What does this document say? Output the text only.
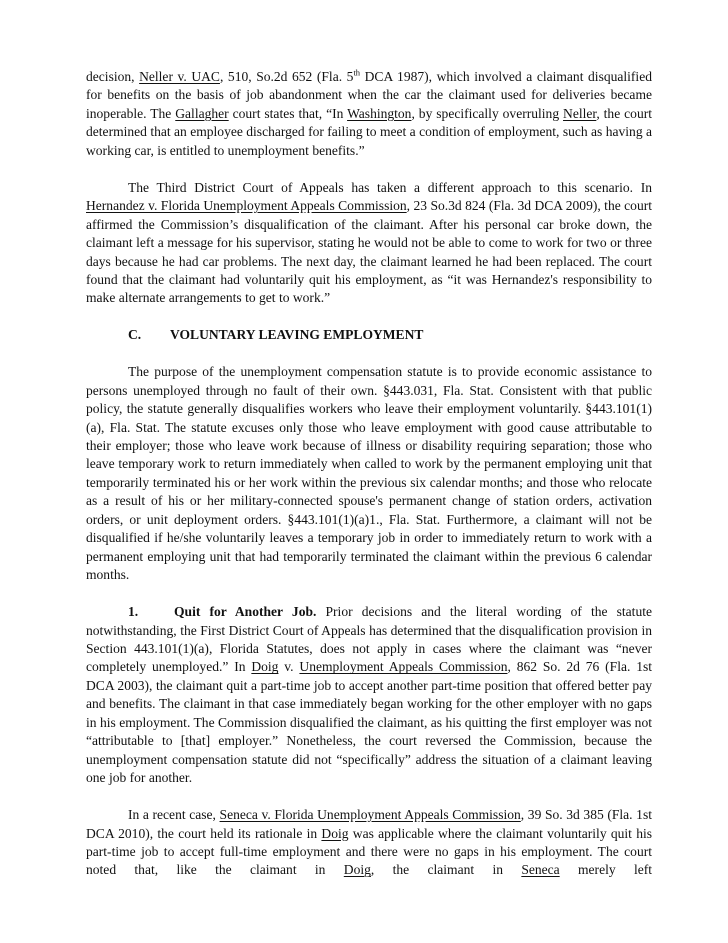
decision, Neller v. UAC, 510, So.2d 652 (Fla. 5th DCA 1987), which involved a claimant disqualified for benefits on the basis of job abandonment when the car the claimant used for deliveries became inoperable. The Gallagher court states that, “In Washington, by specifically overruling Neller, the court determined that an employee discharged for failing to meet a condition of employment, such as having a working car, is entitled to unemployment benefits.”

The Third District Court of Appeals has taken a different approach to this scenario. In Hernandez v. Florida Unemployment Appeals Commission, 23 So.3d 824 (Fla. 3d DCA 2009), the court affirmed the Commission’s disqualification of the claimant. After his personal car broke down, the claimant left a message for his supervisor, stating he would not be able to come to work for two or three days because he had car problems. The next day, the claimant learned he had been replaced. The court found that the claimant had voluntarily quit his employment, as “it was Hernandez's responsibility to make alternate arrangements to get to work.”

C. VOLUNTARY LEAVING EMPLOYMENT

The purpose of the unemployment compensation statute is to provide economic assistance to persons unemployed through no fault of their own. §443.031, Fla. Stat. Consistent with that public policy, the statute generally disqualifies workers who leave their employment voluntarily. §443.101(1)(a), Fla. Stat. The statute excuses only those who leave employment with good cause attributable to their employer; those who leave work because of illness or disability requiring separation; those who leave temporary work to return immediately when called to work by the permanent employing unit that temporarily terminated his or her work within the previous six calendar months; and those who relocate as a result of his or her military-connected spouse's permanent change of station orders, activation orders, or unit deployment orders. §443.101(1)(a)1., Fla. Stat. Furthermore, a claimant will not be disqualified if he/she voluntarily leaves a temporary job in order to immediately return to work with a permanent employing unit that had temporarily terminated the claimant within the previous 6 calendar months.

1.	Quit for Another Job. Prior decisions and the literal wording of the statute notwithstanding, the First District Court of Appeals has determined that the disqualification provision in Section 443.101(1)(a), Florida Statutes, does not apply in cases where the claimant was “never completely unemployed.” In Doig v. Unemployment Appeals Commission, 862 So. 2d 76 (Fla. 1st DCA 2003), the claimant quit a part-time job to accept another part-time position that offered better pay and benefits. The claimant in that case immediately began working for the other employer with no gaps in his employment. The Commission disqualified the claimant, as his quitting the first employer was not “attributable to [that] employer.” Nonetheless, the court reversed the Commission, because the unemployment compensation statute did not “specifically” address the situation of a claimant leaving one job for another.

In a recent case, Seneca v. Florida Unemployment Appeals Commission, 39 So. 3d 385 (Fla. 1st DCA 2010), the court held its rationale in Doig was applicable where the claimant voluntarily quit his part-time job to accept full-time employment and there were no gaps in his employment. The court noted that, like the claimant in Doig, the claimant in Seneca merely left
